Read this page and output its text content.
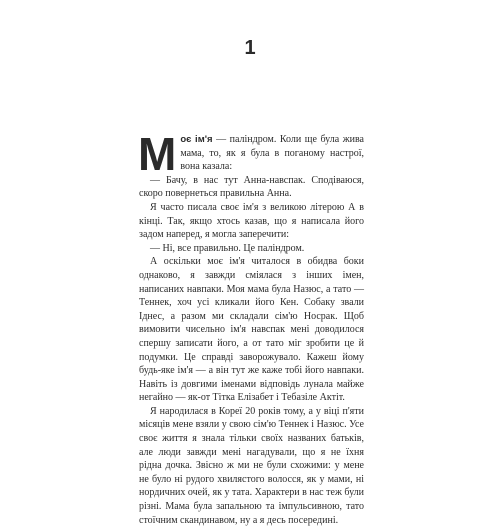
1

Моє ім'я — паліндром. Коли ще була жива мама, то, як я була в поганому настрої, вона казала:

— Бачу, в нас тут Анна-навспак. Сподіваюся, скоро повернеться правильна Анна.

Я часто писала своє ім'я з великою літерою А в кінці. Так, якщо хтось казав, що я написала його задом наперед, я могла заперечити:

— Ні, все правильно. Це паліндром.

А оскільки моє ім'я читалося в обидва боки однаково, я завжди сміялася з інших імен, написаних навпаки. Моя мама була Назюс, а тато — Теннек, хоч усі кликали його Кен. Собаку звали Іднес, а разом ми складали сім'ю Носрак. Щоб вимовити чисельно ім'я навспак мені доводилося спершу записати його, а от тато міг зробити це й подумки. Це справді заворожувало. Кажеш йому будь-яке ім'я — а він тут же каже тобі його навпаки. Навіть із довгими іменами відповідь лунала майже негайно — як-от Тітка Елізабет і Тебазіле Актіт.

Я народилася в Кореї 20 років тому, а у віці п'яти місяців мене взяли у свою сім'ю Теннек і Назюс. Усе своє життя я знала тільки своїх названих батьків, але люди завжди мені нагадували, що я не їхня рідна дочка. Звісно ж ми не були схожими: у мене не було ні рудого хвилястого волосся, як у мами, ні нордичних очей, як у тата. Характери в нас теж були різні. Мама була запальною та імпульсивною, тато стоїчним скандинавом, ну а я десь посередині.
